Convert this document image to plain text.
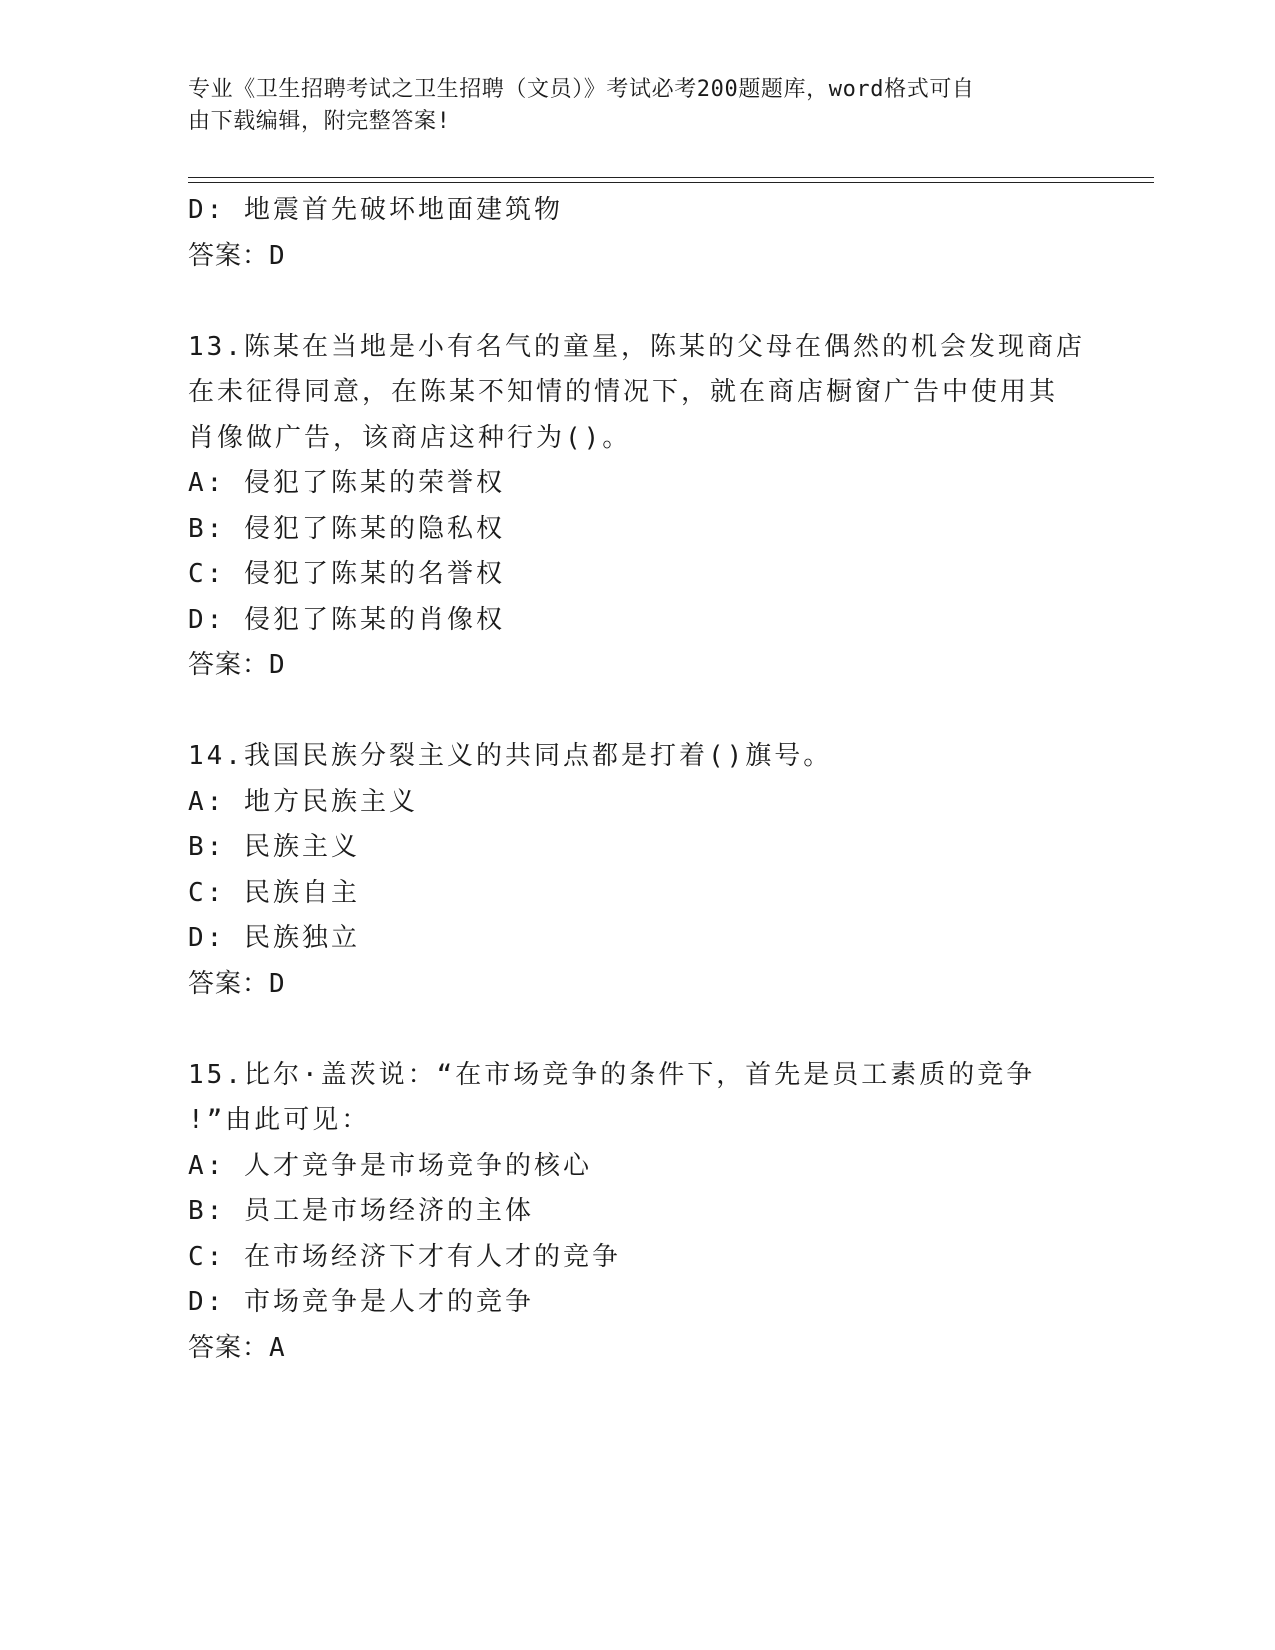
专业《卫生招聘考试之卫生招聘（文员）》考试必考200题题库，word格式可自
由下载编辑，附完整答案!
D: 地震首先破坏地面建筑物
答案：D
13.陈某在当地是小有名气的童星，陈某的父母在偶然的机会发现商店
在未征得同意，在陈某不知情的情况下，就在商店橱窗广告中使用其
肖像做广告，该商店这种行为()。
A: 侵犯了陈某的荣誉权
B: 侵犯了陈某的隐私权
C: 侵犯了陈某的名誉权
D: 侵犯了陈某的肖像权
答案：D
14.我国民族分裂主义的共同点都是打着()旗号。
A: 地方民族主义
B: 民族主义
C: 民族自主
D: 民族独立
答案：D
15.比尔·盖茨说：“在市场竞争的条件下，首先是员工素质的竞争
!”由此可见：
A: 人才竞争是市场竞争的核心
B: 员工是市场经济的主体
C: 在市场经济下才有人才的竞争
D: 市场竞争是人才的竞争
答案：A
